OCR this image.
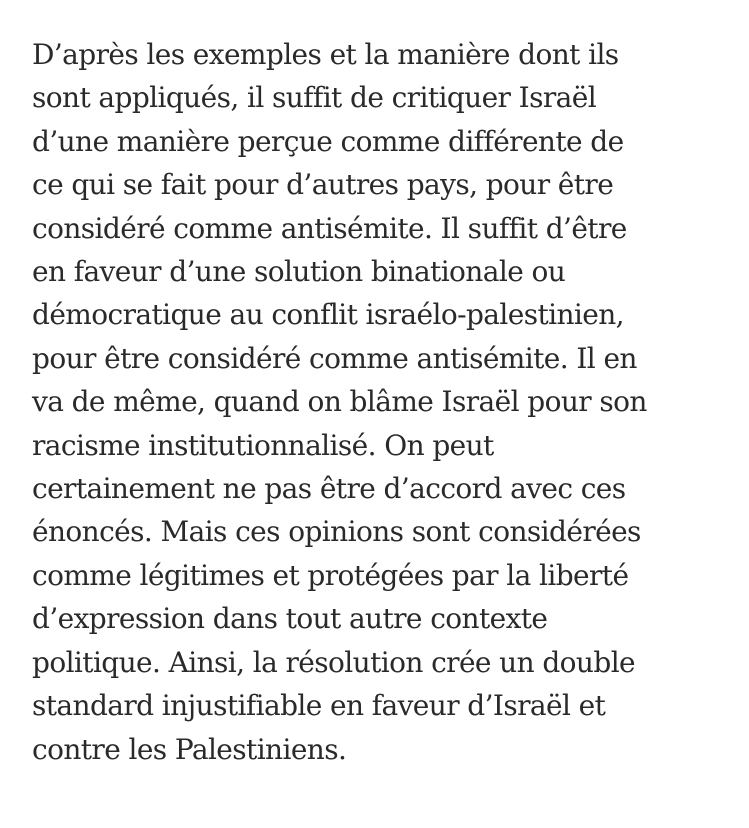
D’après les exemples et la manière dont ils
sont appliqués, il suffit de critiquer Israël
d’une manière perçue comme différente de
ce qui se fait pour d’autres pays, pour être
considéré comme antisémite. Il suffit d’être
en faveur d’une solution binationale ou
démocratique au conflit israélo-palestinien,
pour être considéré comme antisémite. Il en
va de même, quand on blâme Israël pour son
racisme institutionnalisé. On peut
certainement ne pas être d’accord avec ces
énoncés. Mais ces opinions sont considérées
comme légitimes et protégées par la liberté
d’expression dans tout autre contexte
politique. Ainsi, la résolution crée un double
standard injustifiable en faveur d’Israël et
contre les Palestiniens.
